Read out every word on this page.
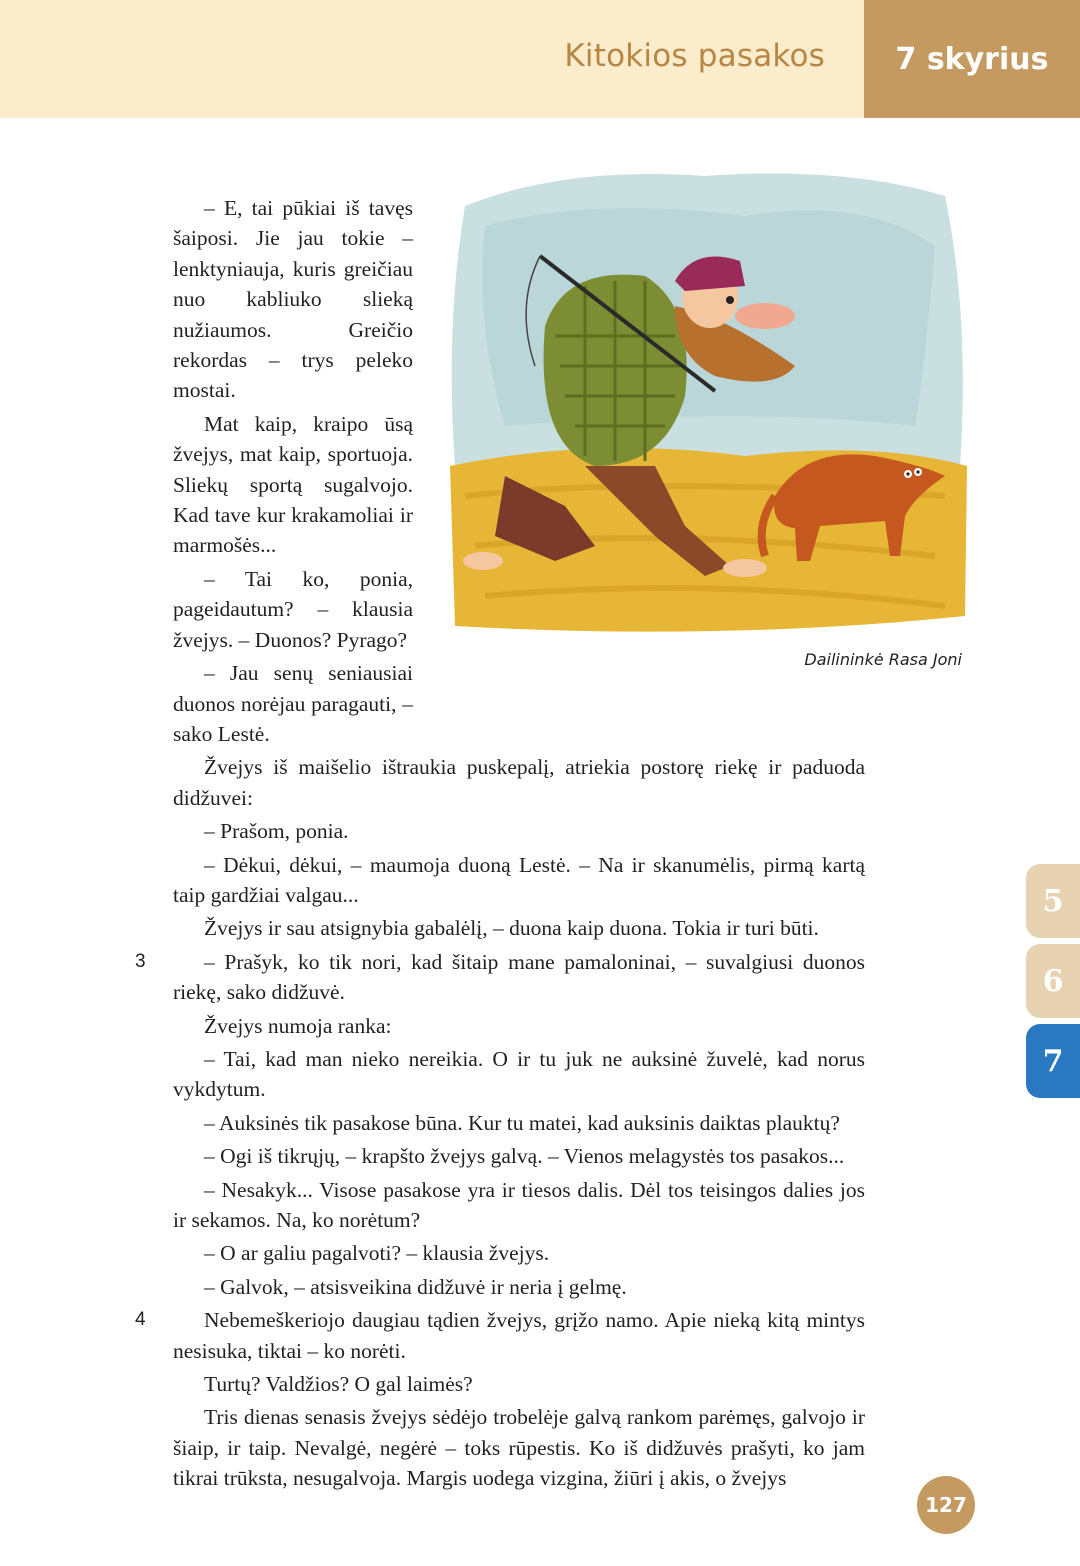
Kitokios pasakos	7 skyrius
Dailininkė Rasa Joni

– E, tai pūkiai iš tavęs šaiposi. Jie jau tokie – lenktyniauja, kuris greičiau nuo kabliuko slieką nužiaumos. Greičio rekordas – trys peleko mostai.

Mat kaip, kraipo ūsą žvejys, mat kaip, sportuoja. Sliekų sportą sugalvojo. Kad tave kur krakamoliai ir marmošės...

– Tai ko, ponia, pageidautum? – klausia žvejys. – Duonos? Pyrago?

– Jau senų seniausiai duonos norėjau paragauti, – sako Lestė.

Žvejys iš maišelio ištraukia puskepalį, atriekia postorę riekę ir paduoda didžuvei:

– Prašom, ponia.

– Dėkui, dėkui, – maumoja duoną Lestė. – Na ir skanumėlis, pirmą kartą taip gardžiai valgau...

Žvejys ir sau atsignybia gabalėlį, – duona kaip duona. Tokia ir turi būti.

3	– Prašyk, ko tik nori, kad šitaip mane pamaloninai, – suvalgiusi duonos riekę, sako didžuvė.

Žvejys numoja ranka:

– Tai, kad man nieko nereikia. O ir tu juk ne auksinė žuvelė, kad norus vykdytum.

– Auksinės tik pasakose būna. Kur tu matei, kad auksinis daiktas plauktų?

– Ogi iš tikrųjų, – krapšto žvejys galvą. – Vienos melagystės tos pasakos...

– Nesakyk... Visose pasakose yra ir tiesos dalis. Dėl tos teisingos dalies jos ir sekamos. Na, ko norėtum?

– O ar galiu pagalvoti? – klausia žvejys.

– Galvok, – atsisveikina didžuvė ir neria į gelmę.

4	Nebemeškeriojo daugiau tądien žvejys, grįžo namo. Apie nieką kitą mintys nesisuka, tiktai – ko norėti.

Turtų? Valdžios? O gal laimės?

Tris dienas senasis žvejys sėdėjo trobelėje galvą rankom parėmęs, galvojo ir šiaip, ir taip. Nevalgė, negėrė – toks rūpestis. Ko iš didžuvės prašyti, ko jam tikrai trūksta, nesugalvoja. Margis uodega vizgina, žiūri į akis, o žvejys

5
6
7
127
